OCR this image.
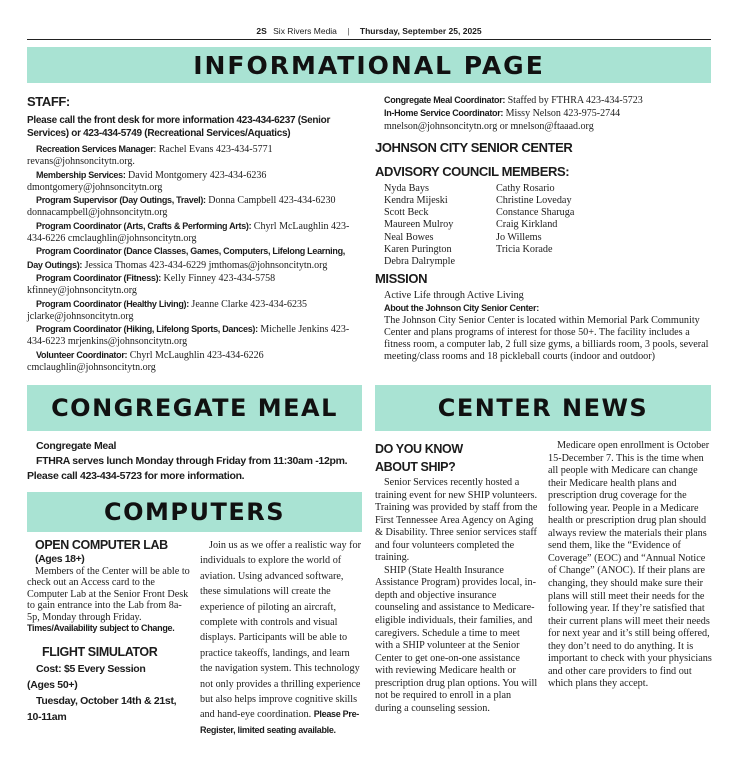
2S Six Rivers Media | Thursday, September 25, 2025
INFORMATIONAL PAGE
STAFF:
Please call the front desk for more information 423-434-6237 (Senior Services) or 423-434-5749 (Recreational Services/Aquatics)
Recreation Services Manager: Rachel Evans 423-434-5771 revans@johnsoncitytn.org.
Membership Services: David Montgomery 423-434-6236 dmontgomery@johnsoncitytn.org
Program Supervisor (Day Outings, Travel): Donna Campbell 423-434-6230 donnacampbell@johnsoncitytn.org
Program Coordinator (Arts, Crafts & Performing Arts): Chyrl McLaughlin 423-434-6226 cmclaughlin@johnsoncitytn.org
Program Coordinator (Dance Classes, Games, Computers, Lifelong Learning, Day Outings): Jessica Thomas 423-434-6229 jmthomas@johnsoncitytn.org
Program Coordinator (Fitness): Kelly Finney 423-434-5758 kfinney@johnsoncitytn.org
Program Coordinator (Healthy Living): Jeanne Clarke 423-434-6235 jclarke@johnsoncitytn.org
Program Coordinator (Hiking, Lifelong Sports, Dances): Michelle Jenkins 423-434-6223 mrjenkins@johnsoncitytn.org
Volunteer Coordinator: Chyrl McLaughlin 423-434-6226 cmclaughlin@johnsoncitytn.org
Congregate Meal Coordinator: Staffed by FTHRA 423-434-5723
In-Home Service Coordinator: Missy Nelson 423-975-2744 mnelson@johnsoncitytn.org or mnelson@ftaaad.org
JOHNSON CITY SENIOR CENTER
ADVISORY COUNCIL MEMBERS:
Nyda Bays
Kendra Mijeski
Scott Beck
Maureen Mulroy
Neal Bowes
Karen Purington
Debra Dalrymple
Cathy Rosario
Christine Loveday
Constance Sharuga
Craig Kirkland
Jo Willems
Tricia Korade
MISSION
Active Life through Active Living
About the Johnson City Senior Center:
The Johnson City Senior Center is located within Memorial Park Community Center and plans programs of interest for those 50+. The facility includes a fitness room, a computer lab, 2 full size gyms, a billiards room, 3 pools, several meeting/class rooms and 18 pickleball courts (indoor and outdoor)
CONGREGATE MEAL
Congregate Meal
FTHRA serves lunch Monday through Friday from 11:30am -12pm.
Please call 423-434-5723 for more information.
COMPUTERS
OPEN COMPUTER LAB
(Ages 18+)
Members of the Center will be able to check out an Access card to the Computer Lab at the Senior Front Desk to gain entrance into the Lab from 8a-5p, Monday through Friday. Times/Availability subject to Change.
FLIGHT SIMULATOR
Cost: $5 Every Session
(Ages 50+)
Tuesday, October 14th & 21st, 10-11am
Join us as we offer a realistic way for individuals to explore the world of aviation. Using advanced software, these simulations will create the experience of piloting an aircraft, complete with controls and visual displays. Participants will be able to practice takeoffs, landings, and learn the navigation system. This technology not only provides a thrilling experience but also helps improve cognitive skills and hand-eye coordination. Please Pre-Register, limited seating available.
CENTER NEWS
DO YOU KNOW
ABOUT SHIP?
Senior Services recently hosted a training event for new SHIP volunteers. Training was provided by staff from the First Tennessee Area Agency on Aging & Disability. Three senior services staff and four volunteers completed the training.
SHIP (State Health Insurance Assistance Program) provides local, in-depth and objective insurance counseling and assistance to Medicare-eligible individuals, their families, and caregivers. Schedule a time to meet with a SHIP volunteer at the Senior Center to get one-on-one assistance with reviewing Medicare health or prescription drug plan options. You will not be required to enroll in a plan during a counseling session.
Medicare open enrollment is October 15-December 7. This is the time when all people with Medicare can change their Medicare health plans and prescription drug coverage for the following year. People in a Medicare health or prescription drug plan should always review the materials their plans send them, like the “Evidence of Coverage” (EOC) and “Annual Notice of Change” (ANOC). If their plans are changing, they should make sure their plans will still meet their needs for the following year. If they’re satisfied that their current plans will meet their needs for next year and it’s still being offered, they don’t need to do anything. It is important to check with your physicians and other care providers to find out which plans they accept.
